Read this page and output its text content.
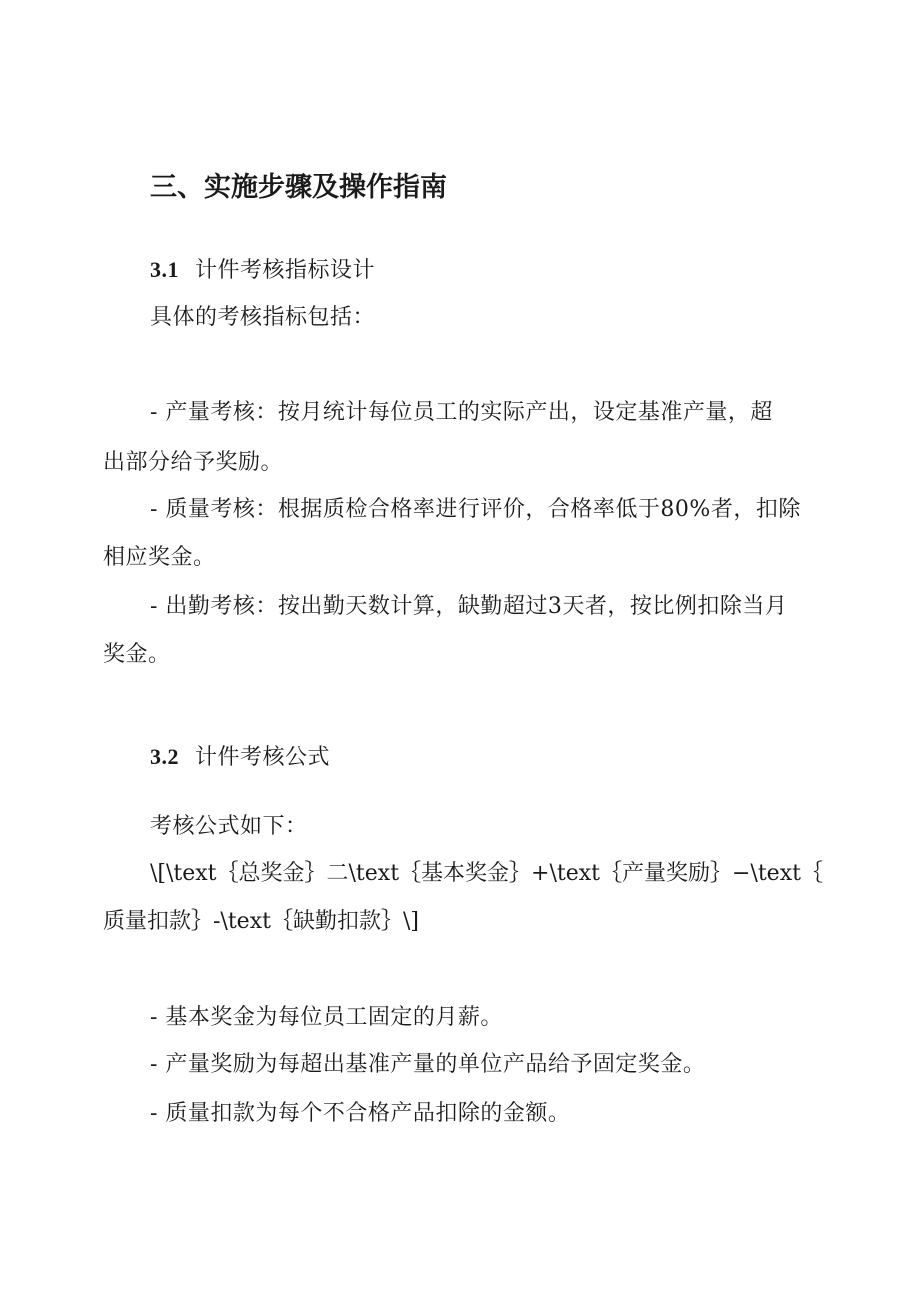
三、实施步骤及操作指南
3.1 计件考核指标设计
具体的考核指标包括：
- 产量考核：按月统计每位员工的实际产出，设定基准产量，超
出部分给予奖励。
- 质量考核：根据质检合格率进行评价，合格率低于80%者，扣除
相应奖金。
- 出勤考核：按出勤天数计算，缺勤超过3天者，按比例扣除当月
奖金。
3.2 计件考核公式
考核公式如下：
\[\text｛总奖金｝二\text｛基本奖金｝+\text｛产量奖励｝−\text｛
质量扣款｝-\text｛缺勤扣款｝\]
- 基本奖金为每位员工固定的月薪。
- 产量奖励为每超出基准产量的单位产品给予固定奖金。
- 质量扣款为每个不合格产品扣除的金额。
